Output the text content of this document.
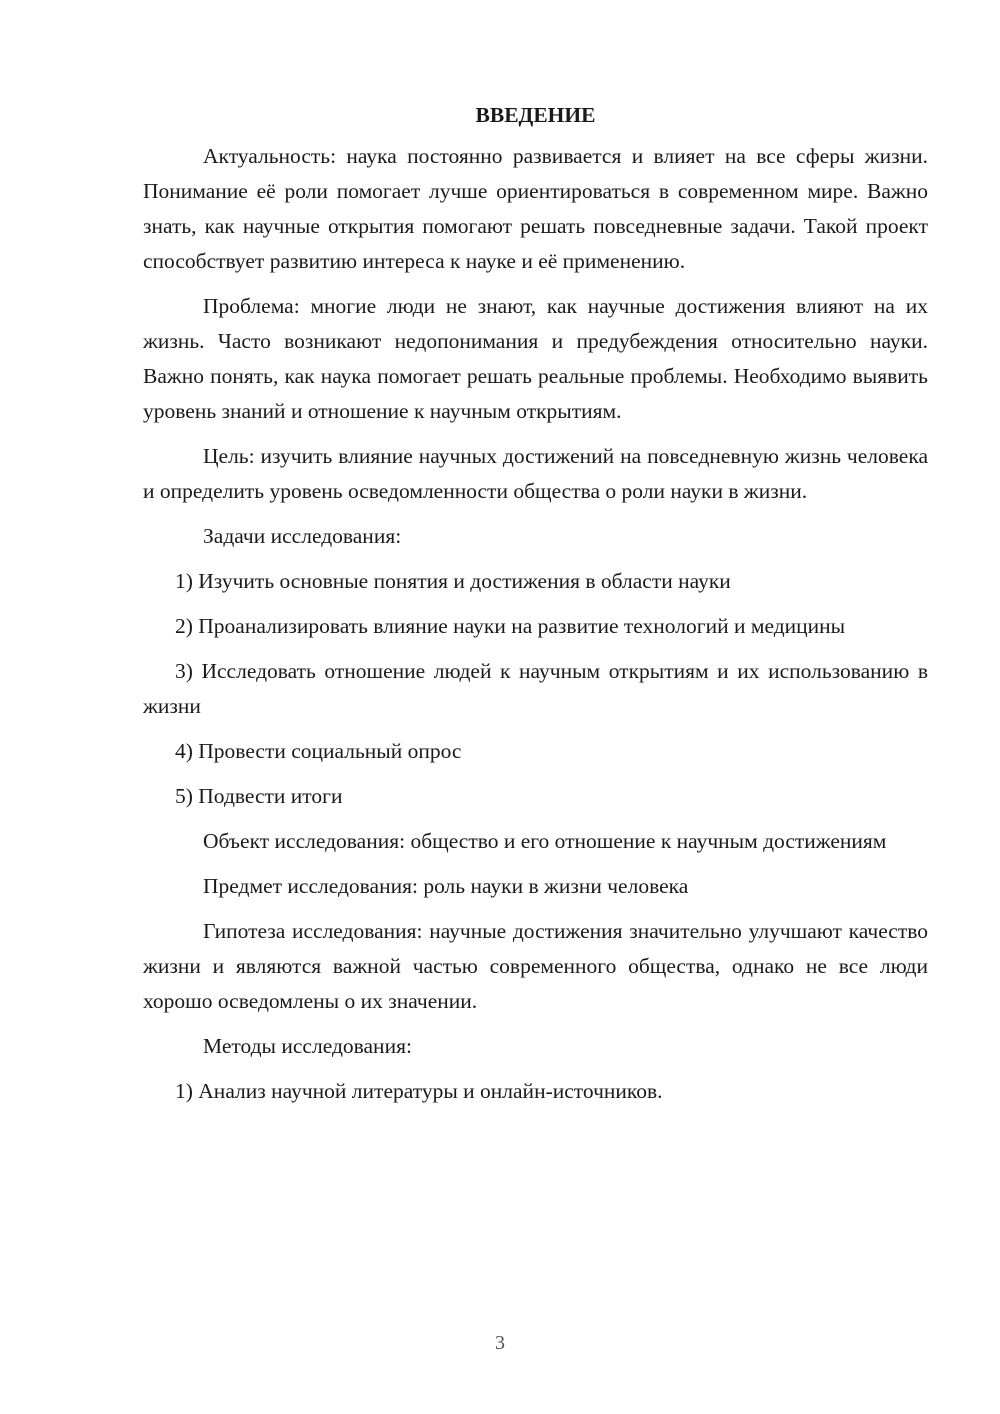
ВВЕДЕНИЕ
Актуальность: наука постоянно развивается и влияет на все сферы жизни. Понимание её роли помогает лучше ориентироваться в современном мире. Важно знать, как научные открытия помогают решать повседневные задачи. Такой проект способствует развитию интереса к науке и её применению.
Проблема: многие люди не знают, как научные достижения влияют на их жизнь. Часто возникают недопонимания и предубеждения относительно науки. Важно понять, как наука помогает решать реальные проблемы. Необходимо выявить уровень знаний и отношение к научным открытиям.
Цель: изучить влияние научных достижений на повседневную жизнь человека и определить уровень осведомленности общества о роли науки в жизни.
Задачи исследования:
1) Изучить основные понятия и достижения в области науки
2) Проанализировать влияние науки на развитие технологий и медицины
3) Исследовать отношение людей к научным открытиям и их использованию в жизни
4) Провести социальный опрос
5) Подвести итоги
Объект исследования: общество и его отношение к научным достижениям
Предмет исследования: роль науки в жизни человека
Гипотеза исследования: научные достижения значительно улучшают качество жизни и являются важной частью современного общества, однако не все люди хорошо осведомлены о их значении.
Методы исследования:
1) Анализ научной литературы и онлайн-источников.
3
